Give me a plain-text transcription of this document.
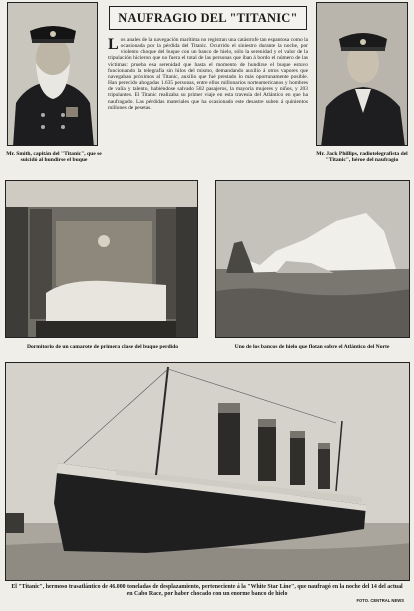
Mr. Smith, capitán del "Titanic", que se suicidó al hundirse el buque
NAUFRAGIO DEL "TITANIC"
Los anales de la navegación marítima no registran una catástrofe tan espantosa como la ocasionada por la pérdida del Titanic. Ocurrido el siniestro durante la noche, por violento choque del buque con un banco de hielo, sólo la serenidad y el valor de la tripulación hicieron que no fuera el total de las personas que iban á bordo el número de las víctimas: prueba esa serenidad que hasta el momento de hundirse el buque estuvo funcionando la telegrafía sin hilos del mismo, demandando auxilio á otros vapores que navegaban próximos al Titanic, auxilio que fué prestado lo más oportunamente posible. Han perecido ahogadas 1.635 personas, entre ellos millonarios norteamericanos y hombres de valía y talento, habiéndose salvado 502 pasajeros, la mayoría mujeres y niños, y 203 tripulantes. El Titanic realizaba su primer viaje en esta travesía del Atlántico en que ha naufragado. Las pérdidas materiales que ha ocasionado este desastre suben á quinientos millones de pesetas.
Mr. Jack Phillips, radiotelegrafista del "Titanic", héroe del naufragio
Dormitorio de un camarote de primera clase del buque perdido	Uno de los bancos de hielo que flotan sobre el Atlántico del Norte
El "Titanic", hermoso trasatlántico de 46.000 toneladas de desplazamiento, perteneciente á la "White Star Line", que naufragó en la noche del 14 del actual en Cabo Race, por haber chocado con un enorme banco de hielo
FOTO. CENTRAL NEWS
